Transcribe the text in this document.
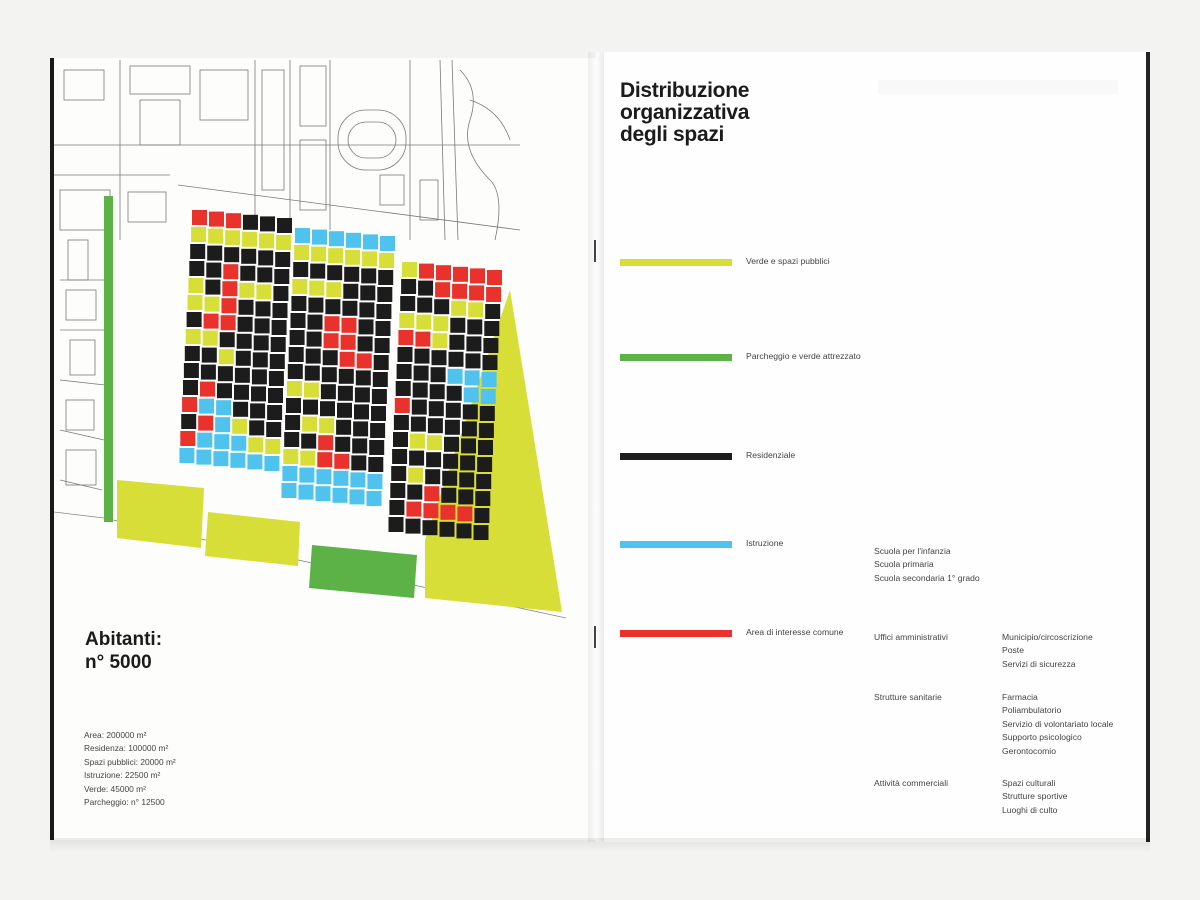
Distribuzione
organizzativa
degli spazi
Abitanti:
n° 5000
Area: 200000 m²
Residenza: 100000 m²
Spazi pubblici: 20000 m²
Istruzione: 22500 m²
Verde: 45000 m²
Parcheggio: n° 12500
Verde e spazi pubblici
Parcheggio e verde attrezzato
Residenziale
Istruzione
Area di interesse comune
Scuola per l'infanzia
Scuola primaria
Scuola secondaria 1° grado
Uffici amministrativi	Municipio/circoscrizione
Poste
Servizi di sicurezza
Strutture sanitarie	Farmacia
Poliambulatorio
Servizio di volontariato locale
Supporto psicologico
Gerontocomio
Attività commerciali	Spazi culturali
Strutture sportive
Luoghi di culto
